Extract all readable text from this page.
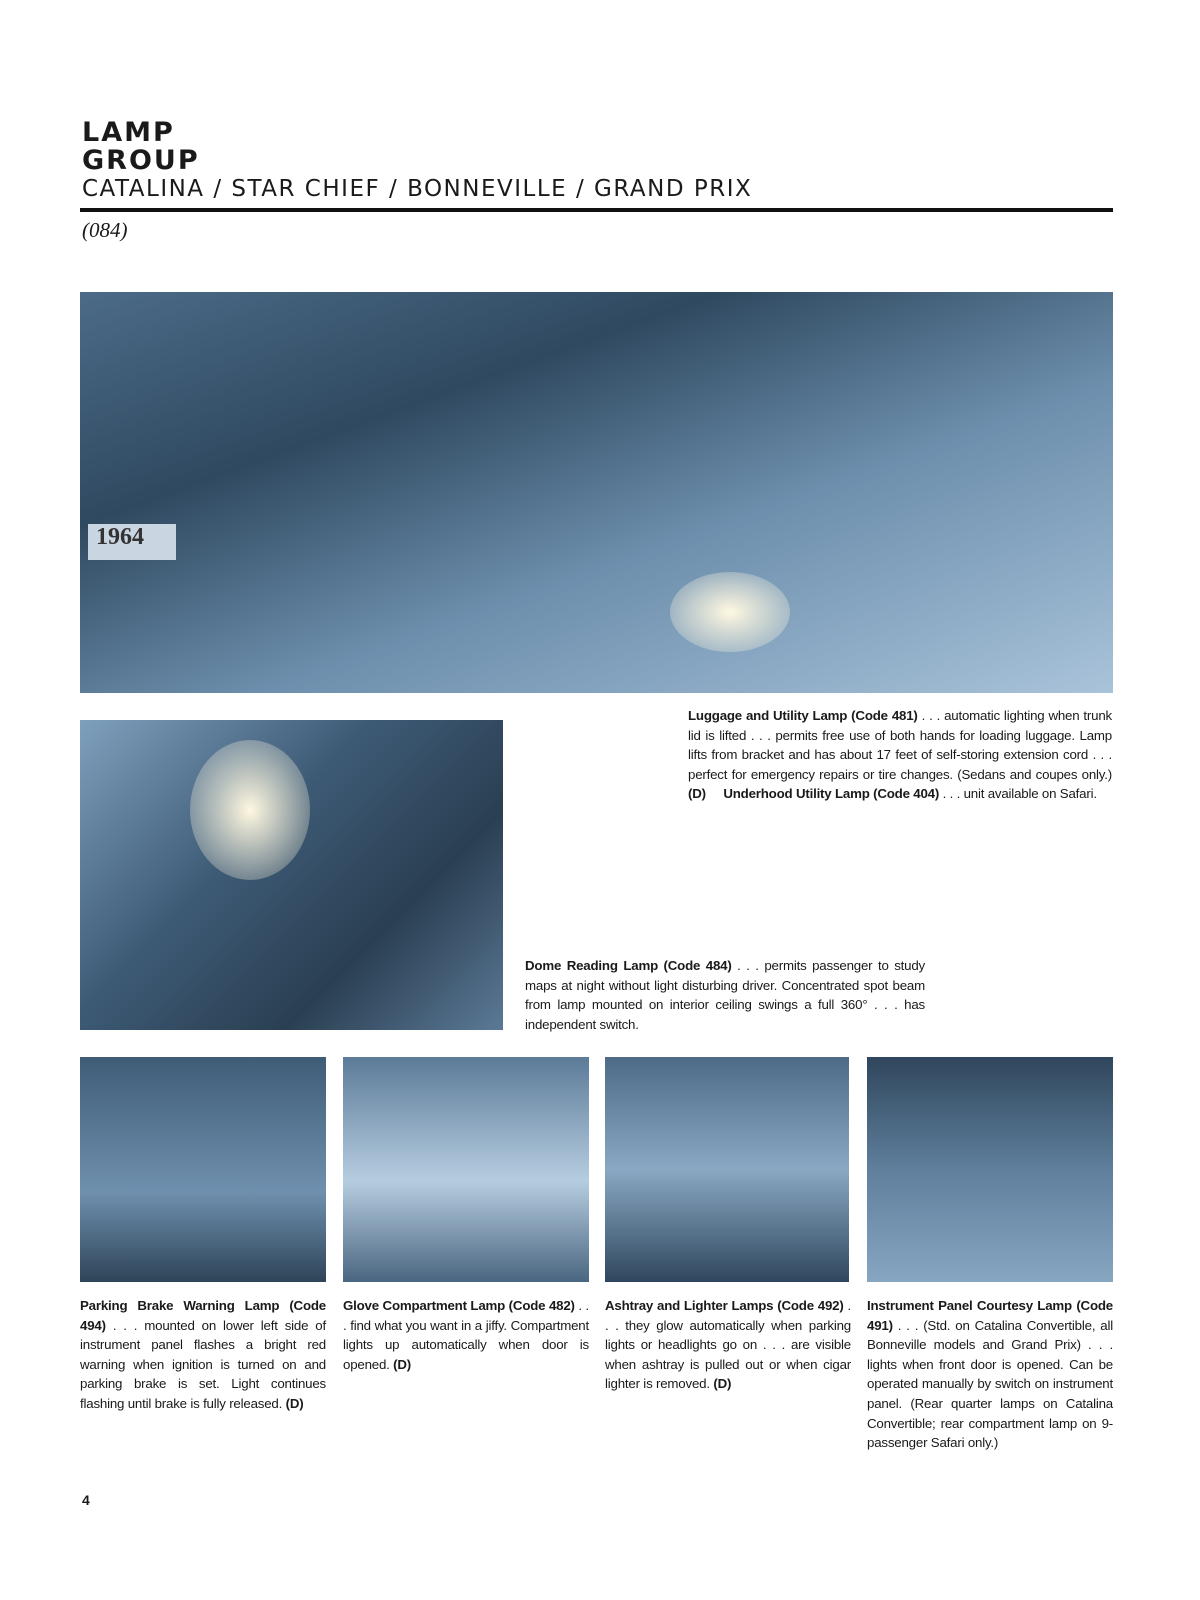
LAMP
GROUP
CATALINA / STAR CHIEF / BONNEVILLE / GRAND PRIX
(084)
1964
Luggage and Utility Lamp (Code 481) . . . automatic lighting when trunk lid is lifted . . . permits free use of both hands for loading luggage. Lamp lifts from bracket and has about 17 feet of self-storing extension cord . . . perfect for emergency repairs or tire changes. (Sedans and coupes only.) (D) Underhood Utility Lamp (Code 404) . . . unit available on Safari.
Dome Reading Lamp (Code 484) . . . permits passenger to study maps at night without light disturbing driver. Concentrated spot beam from lamp mounted on interior ceiling swings a full 360° . . . has independent switch.
Parking Brake Warning Lamp (Code 494) . . . mounted on lower left side of instrument panel flashes a bright red warning when ignition is turned on and parking brake is set. Light continues flashing until brake is fully released. (D)
Glove Compartment Lamp (Code 482) . . . find what you want in a jiffy. Compartment lights up automatically when door is opened. (D)
Ashtray and Lighter Lamps (Code 492) . . . they glow automatically when parking lights or headlights go on . . . are visible when ashtray is pulled out or when cigar lighter is removed. (D)
Instrument Panel Courtesy Lamp (Code 491) . . . (Std. on Catalina Convertible, all Bonneville models and Grand Prix) . . . lights when front door is opened. Can be operated manually by switch on instrument panel. (Rear quarter lamps on Catalina Convertible; rear compartment lamp on 9-passenger Safari only.)
4
